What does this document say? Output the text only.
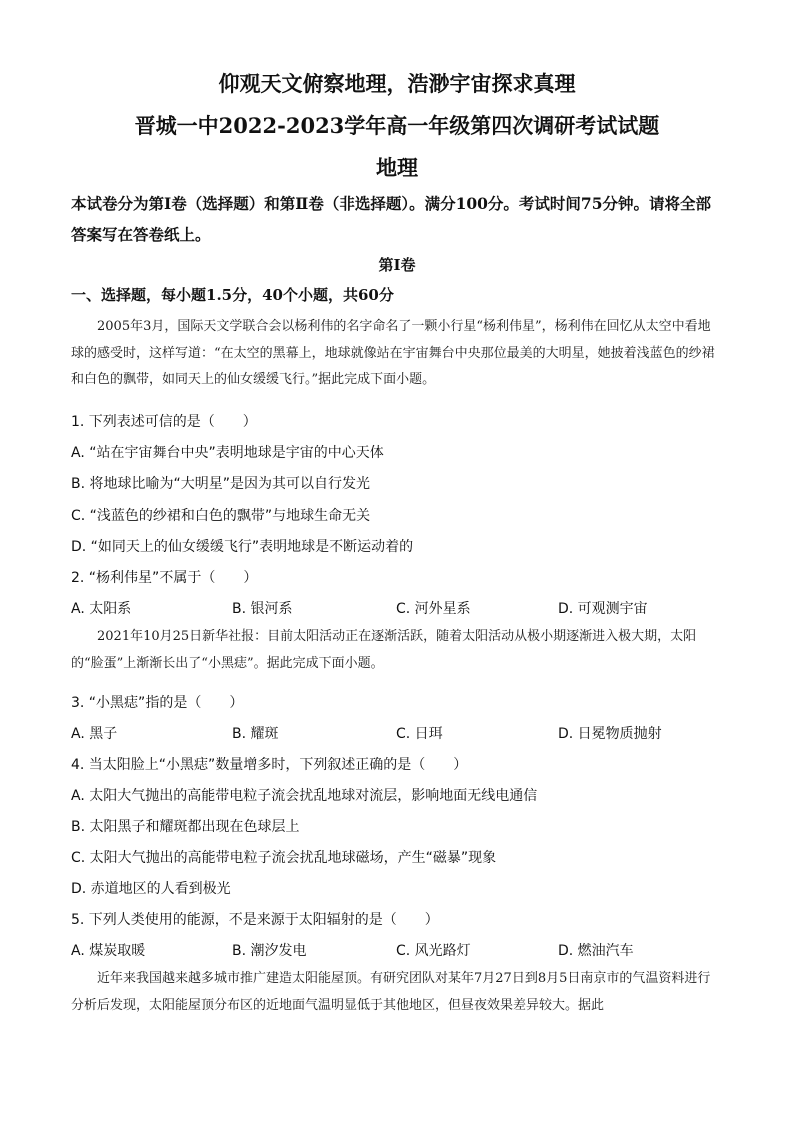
仰观天文俯察地理，浩渺宇宙探求真理
晋城一中2022-2023学年高一年级第四次调研考试试题
地理
本试卷分为第Ⅰ卷（选择题）和第Ⅱ卷（非选择题）。满分100分。考试时间75分钟。请将全部答案写在答卷纸上。
第Ⅰ卷
一、选择题，每小题1.5分，40个小题，共60分
2005年3月，国际天文学联合会以杨利伟的名字命名了一颗小行星“杨利伟星”，杨利伟在回忆从太空中看地球的感受时，这样写道：“在太空的黑幕上，地球就像站在宇宙舞台中央那位最美的大明星，她披着浅蓝色的纱裙和白色的飘带，如同天上的仙女缓缓飞行。”据此完成下面小题。
1. 下列表述可信的是（　　）
A. “站在宇宙舞台中央”表明地球是宇宙的中心天体
B. 将地球比喻为“大明星”是因为其可以自行发光
C. “浅蓝色的纱裙和白色的飘带”与地球生命无关
D. “如同天上的仙女缓缓飞行”表明地球是不断运动着的
2. “杨利伟星”不属于（　　）
A. 太阳系	B. 银河系	C. 河外星系	D. 可观测宇宙
2021年10月25日新华社报：目前太阳活动正在逐渐活跃，随着太阳活动从极小期逐渐进入极大期，太阳的“脸蛋”上渐渐长出了“小黑痣”。据此完成下面小题。
3. “小黑痣”指的是（　　）
A. 黑子	B. 耀斑	C. 日珥	D. 日冕物质抛射
4. 当太阳脸上“小黑痣”数量增多时，下列叙述正确的是（　　）
A. 太阳大气抛出的高能带电粒子流会扰乱地球对流层，影响地面无线电通信
B. 太阳黑子和耀斑都出现在色球层上
C. 太阳大气抛出的高能带电粒子流会扰乱地球磁场，产生“磁暴”现象
D. 赤道地区的人看到极光
5. 下列人类使用的能源，不是来源于太阳辐射的是（　　）
A. 煤炭取暖	B. 潮汐发电	C. 风光路灯	D. 燃油汽车
近年来我国越来越多城市推广建造太阳能屋顶。有研究团队对某年7月27日到8月5日南京市的气温资料进行分析后发现，太阳能屋顶分布区的近地面气温明显低于其他地区，但昼夜效果差异较大。据此
